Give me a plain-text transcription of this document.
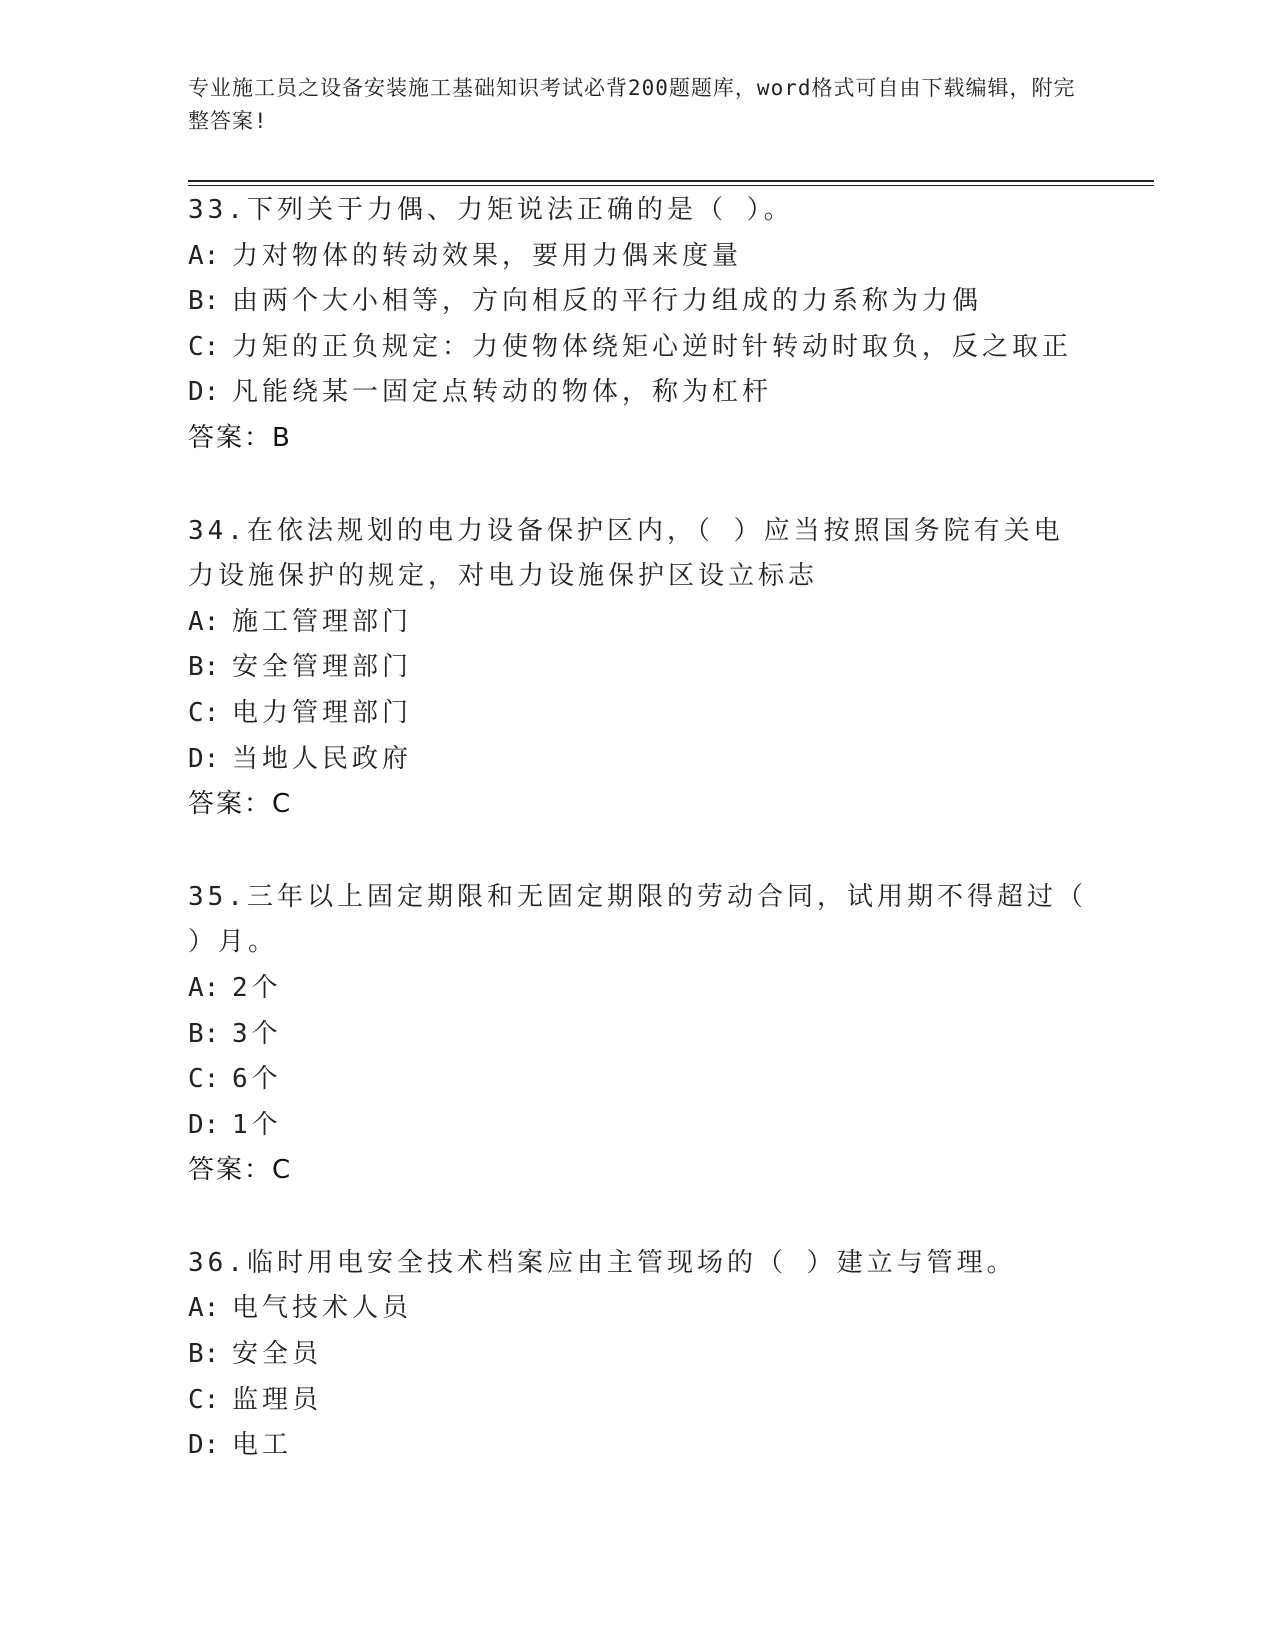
专业施工员之设备安装施工基础知识考试必背200题题库，word格式可自由下载编辑，附完整答案!
33.下列关于力偶、力矩说法正确的是（ ）。
A: 力对物体的转动效果，要用力偶来度量
B: 由两个大小相等，方向相反的平行力组成的力系称为力偶
C: 力矩的正负规定：力使物体绕矩心逆时针转动时取负，反之取正
D: 凡能绕某一固定点转动的物体，称为杠杆
答案：B
34.在依法规划的电力设备保护区内，（ ）应当按照国务院有关电力设施保护的规定，对电力设施保护区设立标志
A: 施工管理部门
B: 安全管理部门
C: 电力管理部门
D: 当地人民政府
答案：C
35.三年以上固定期限和无固定期限的劳动合同，试用期不得超过（ ）月。
A: 2个
B: 3个
C: 6个
D: 1个
答案：C
36.临时用电安全技术档案应由主管现场的（ ）建立与管理。
A: 电气技术人员
B: 安全员
C: 监理员
D: 电工
